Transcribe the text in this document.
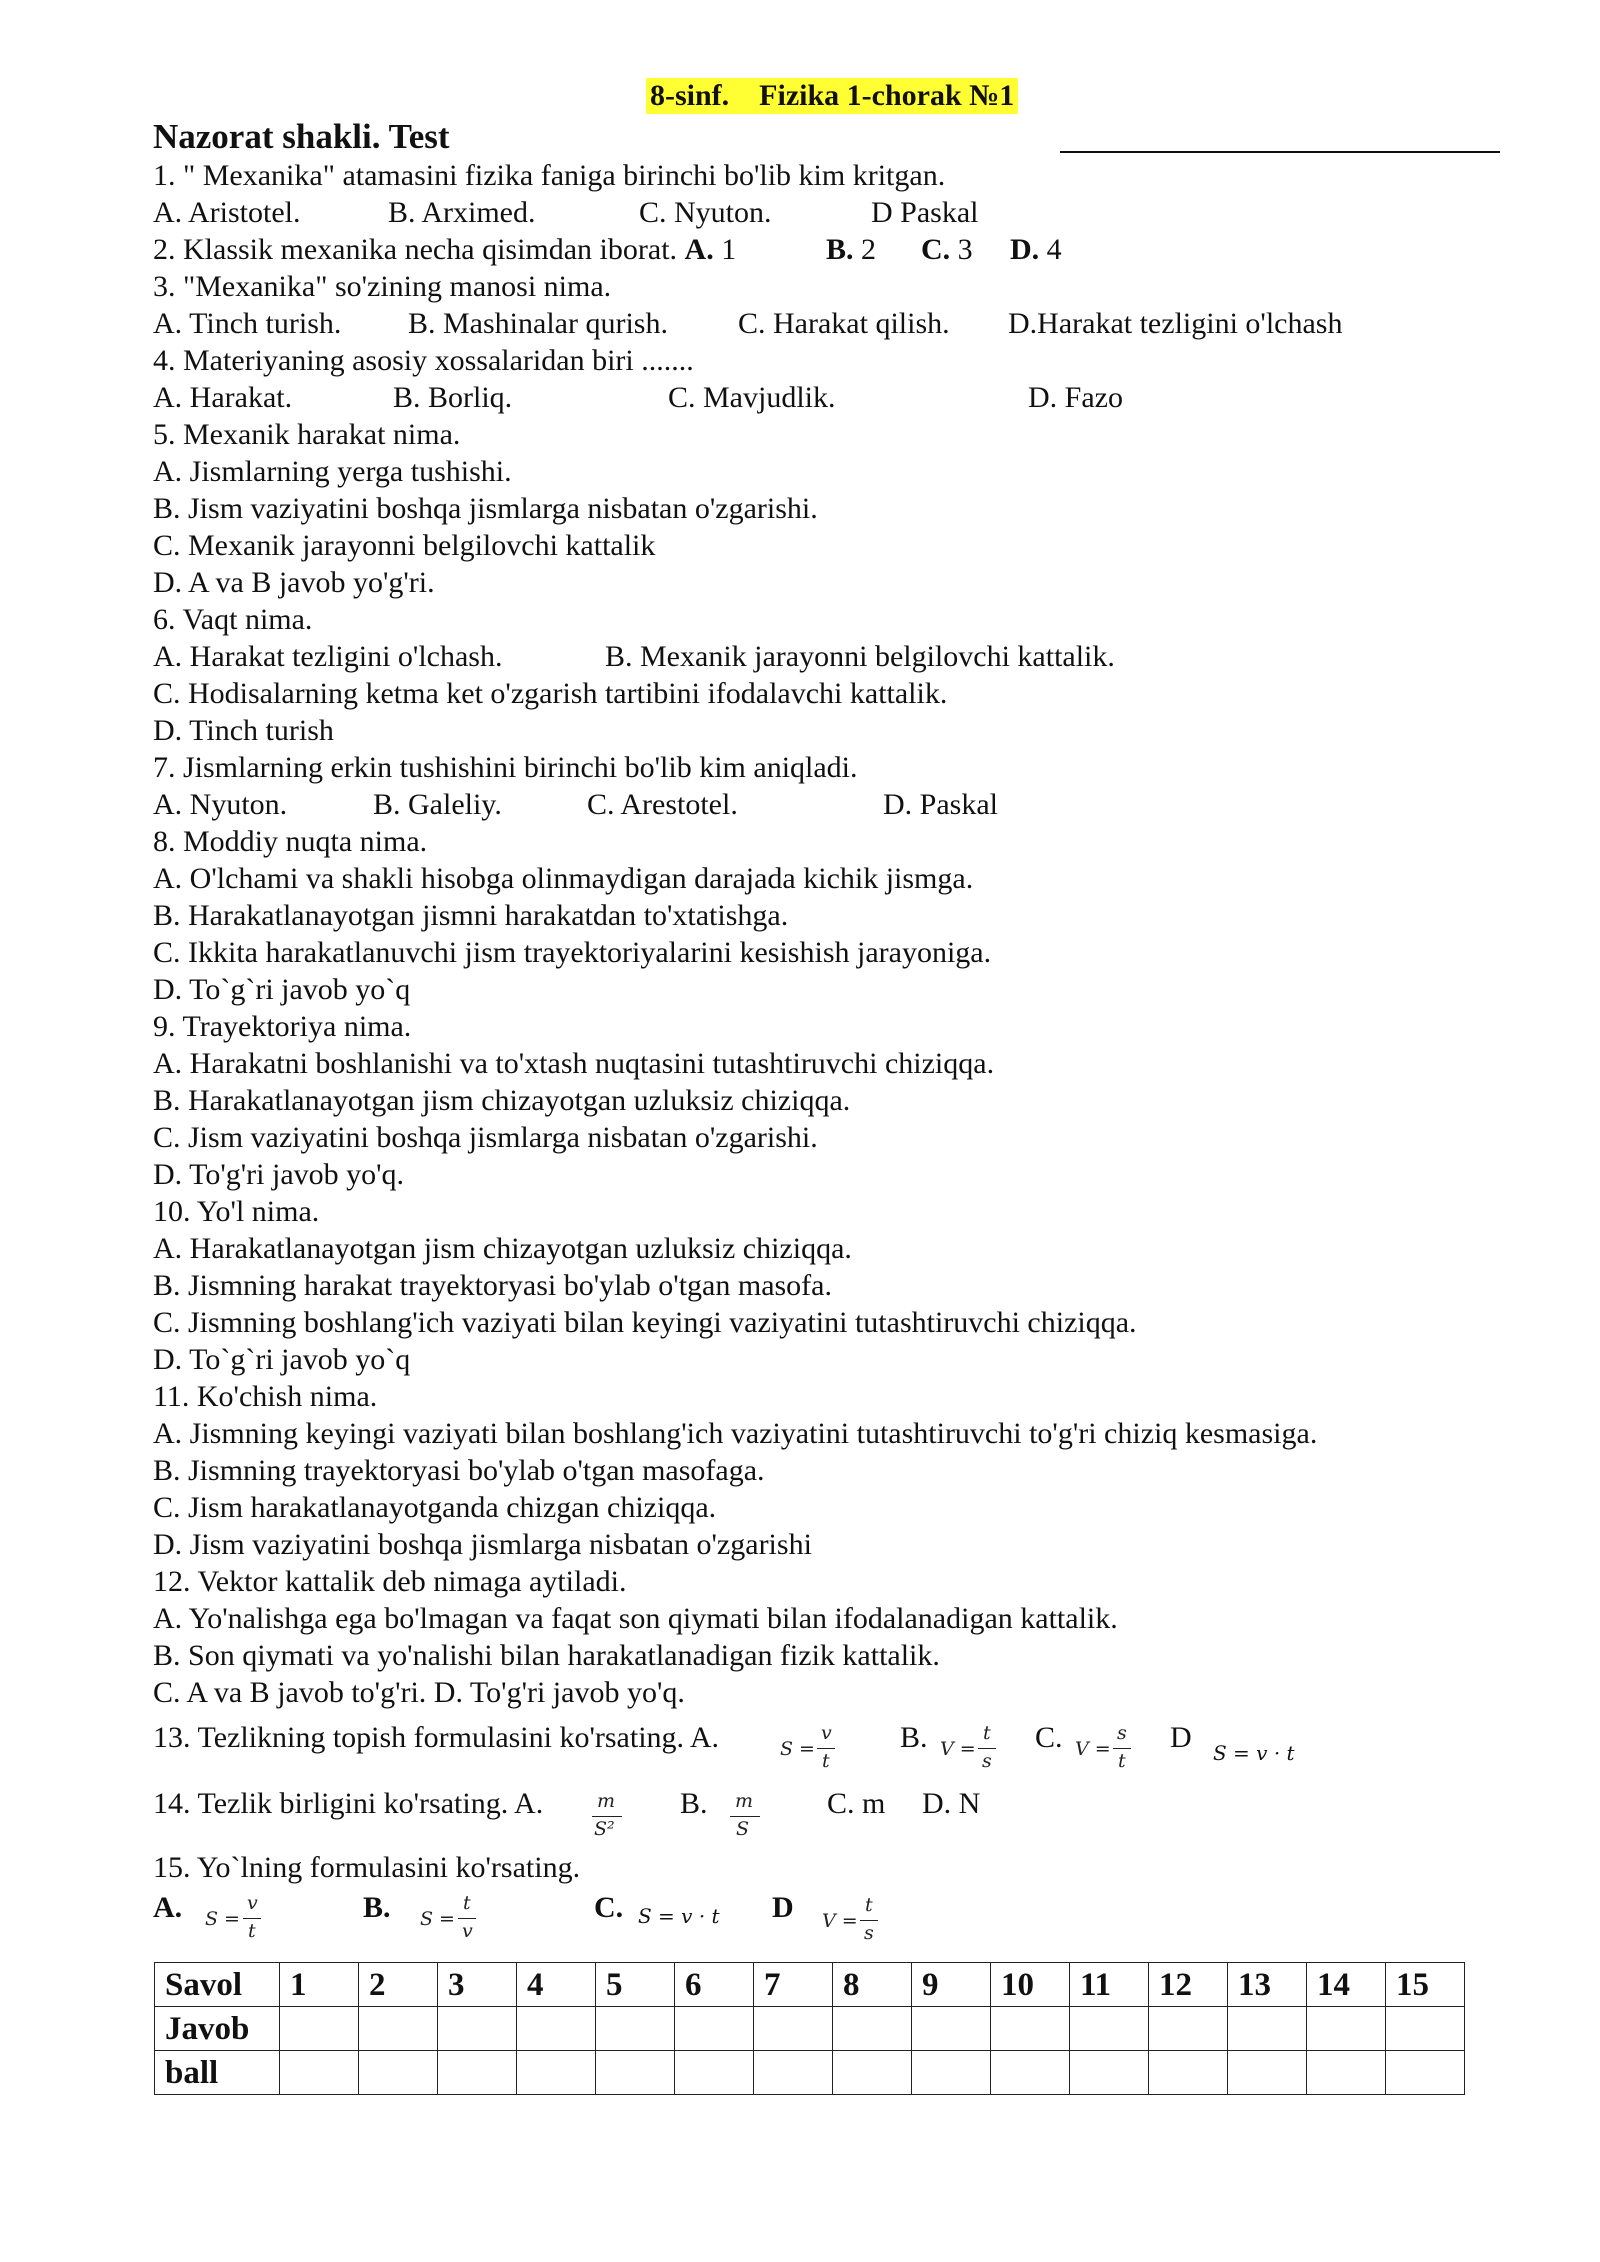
8-sinf.    Fizika 1-chorak №1
Nazorat shakli. Test
1. " Mexanika" atamasini fizika faniga birinchi bo'lib kim kritgan.
A. Aristotel.	B. Arximed.	C. Nyuton.	D Paskal
2. Klassik mexanika necha qisimdan iborat. A. 1	B. 2 C. 3 D. 4
3. "Mexanika" so'zining manosi nima.
A. Tinch turish. B. Mashinalar qurish. C. Harakat qilish. D.Harakat tezligini o'lchash
4. Materiyaning asosiy xossalaridan biri .......
A. Harakat.	B. Borliq.	C. Mavjudlik.	D. Fazo
5. Mexanik harakat nima.
A. Jismlarning yerga tushishi.
B. Jism vaziyatini boshqa jismlarga nisbatan o'zgarishi.
C. Mexanik jarayonni belgilovchi kattalik
D. A va B javob yo'g'ri.
6. Vaqt nima.
A. Harakat tezligini o'lchash.	B. Mexanik jarayonni belgilovchi kattalik.
C. Hodisalarning ketma ket o'zgarish tartibini ifodalavchi kattalik.
D. Tinch turish
7. Jismlarning erkin tushishini birinchi bo'lib kim aniqladi.
A. Nyuton.	B. Galeliy.	C. Arestotel.	D. Paskal
8. Moddiy nuqta nima.
A. O'lchami va shakli hisobga olinmaydigan darajada kichik jismga.
B. Harakatlanayotgan jismni harakatdan to'xtatishga.
C. Ikkita harakatlanuvchi jism trayektoriyalarini kesishish jarayoniga.
D. To`g`ri javob yo`q
9. Trayektoriya nima.
A. Harakatni boshlanishi va to'xtash nuqtasini tutashtiruvchi chiziqqa.
B. Harakatlanayotgan jism chizayotgan uzluksiz chiziqqa.
C. Jism vaziyatini boshqa jismlarga nisbatan o'zgarishi.
D. To'g'ri javob yo'q.
10. Yo'l nima.
A. Harakatlanayotgan jism chizayotgan uzluksiz chiziqqa.
B. Jismning harakat trayektoryasi bo'ylab o'tgan masofa.
C. Jismning boshlang'ich vaziyati bilan keyingi vaziyatini tutashtiruvchi chiziqqa.
D. To`g`ri javob yo`q
11. Ko'chish nima.
A. Jismning keyingi vaziyati bilan boshlang'ich vaziyatini tutashtiruvchi to'g'ri chiziq kesmasiga.
B. Jismning trayektoryasi bo'ylab o'tgan masofaga.
C. Jism harakatlanayotganda chizgan chiziqqa.
D. Jism vaziyatini boshqa jismlarga nisbatan o'zgarishi
12. Vektor kattalik deb nimaga aytiladi.
A. Yo'nalishga ega bo'lmagan va faqat son qiymati bilan ifodalanadigan kattalik.
B. Son qiymati va yo'nalishi bilan harakatlanadigan fizik kattalik.
C. A va B javob to'g'ri. D. To'g'ri javob yo'q.
13. Tezlikning topish formulasini ko'rsating. A.	S =
v
t
B. V =
t
s
C. V =
s
t
D S = v · t
14. Tezlik birligini ko'rsating. A.	m
S²
B. m
S
C. m D. N
15. Yo`lning formulasini ko'rsating.
A. S =
v
t
B. S =
t
v
C. S = v · t D V =
t
s
Savol	1	2	3	4	5	6	7	8	9	10	11	12	13	14	15
Javob															
ball															
